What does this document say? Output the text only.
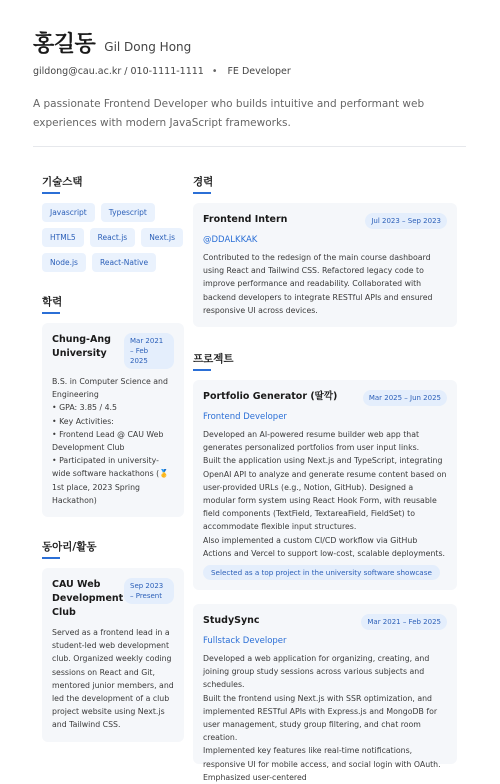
홍길동 Gil Dong Hong
gildong@cau.ac.kr / 010-1111-1111 • FE Developer
A passionate Frontend Developer who builds intuitive and performant web experiences with modern JavaScript frameworks.
기술스택
Javascript	Typescript
HTML5	React.js	Next.js
Node.js	React-Native
학력
Chung-Ang University
Mar 2021 – Feb 2025
B.S. in Computer Science and Engineering
• GPA: 3.85 / 4.5
• Key Activities:
• Frontend Lead @ CAU Web Development Club
• Participated in university-wide software hackathons (🥇 1st place, 2023 Spring Hackathon)
동아리/활동
CAU Web Development Club
Sep 2023 – Present
Served as a frontend lead in a student-led web development club. Organized weekly coding sessions on React and Git, mentored junior members, and led the development of a club project website using Next.js and Tailwind CSS.
경력
Frontend Intern	Jul 2023 – Sep 2023
@DDALKKAK
Contributed to the redesign of the main course dashboard using React and Tailwind CSS. Refactored legacy code to improve performance and readability. Collaborated with backend developers to integrate RESTful APIs and ensured responsive UI across devices.
프로젝트
Portfolio Generator (딸깍)	Mar 2025 – Jun 2025
Frontend Developer
Developed an AI-powered resume builder web app that generates personalized portfolios from user input links.
Built the application using Next.js and TypeScript, integrating OpenAI API to analyze and generate resume content based on user-provided URLs (e.g., Notion, GitHub). Designed a modular form system using React Hook Form, with reusable field components (TextField, TextareaField, FieldSet) to accommodate flexible input structures.
Also implemented a custom CI/CD workflow via GitHub Actions and Vercel to support low-cost, scalable deployments.
Selected as a top project in the university software showcase
StudySync	Mar 2021 – Feb 2025
Fullstack Developer
Developed a web application for organizing, creating, and joining group study sessions across various subjects and schedules.
Built the frontend using Next.js with SSR optimization, and implemented RESTful APIs with Express.js and MongoDB for user management, study group filtering, and chat room creation.
Implemented key features like real-time notifications, responsive UI for mobile access, and social login with OAuth. Emphasized user-centered
